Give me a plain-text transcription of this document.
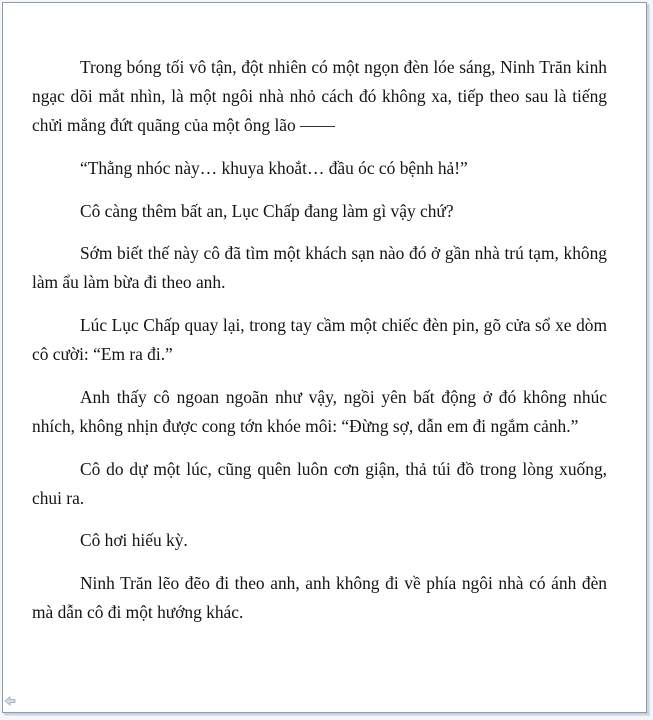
Trong bóng tối vô tận, đột nhiên có một ngọn đèn lóe sáng, Ninh Trăn kinh ngạc dõi mắt nhìn, là một ngôi nhà nhỏ cách đó không xa, tiếp theo sau là tiếng chửi mắng đứt quãng của một ông lão ——

“Thằng nhóc này… khuya khoắt… đầu óc có bệnh hả!”

Cô càng thêm bất an, Lục Chấp đang làm gì vậy chứ?

Sớm biết thế này cô đã tìm một khách sạn nào đó ở gần nhà trú tạm, không làm ẩu làm bừa đi theo anh.

Lúc Lục Chấp quay lại, trong tay cầm một chiếc đèn pin, gõ cửa sổ xe dòm cô cười: “Em ra đi.”

Anh thấy cô ngoan ngoãn như vậy, ngồi yên bất động ở đó không nhúc nhích, không nhịn được cong tớn khóe môi: “Đừng sợ, dẫn em đi ngắm cảnh.”

Cô do dự một lúc, cũng quên luôn cơn giận, thả túi đồ trong lòng xuống, chui ra.

Cô hơi hiếu kỳ.

Ninh Trăn lẽo đẽo đi theo anh, anh không đi về phía ngôi nhà có ánh đèn mà dẫn cô đi một hướng khác.
